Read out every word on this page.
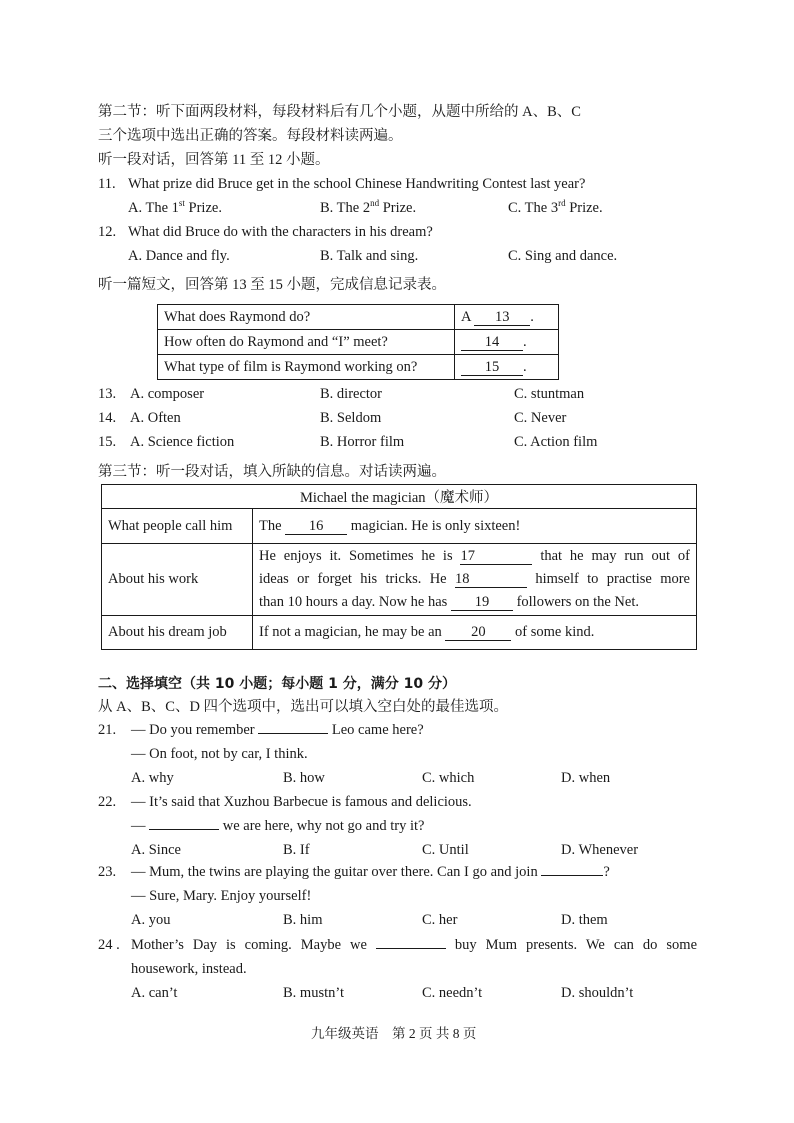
第二节：听下面两段材料，每段材料后有几个小题，从题中所给的 A、B、C
三个选项中选出正确的答案。每段材料读两遍。
听一段对话，回答第 11 至 12 小题。
11. What prize did Bruce get in the school Chinese Handwriting Contest last year?
A. The 1st Prize.	B. The 2nd Prize.	C. The 3rd Prize.
12. What did Bruce do with the characters in his dream?
A. Dance and fly.	B. Talk and sing.	C. Sing and dance.
听一篇短文，回答第 13 至 15 小题，完成信息记录表。
What does Raymond do?	A 13 .
How often do Raymond and “I” meet?	14 .
What type of film is Raymond working on?	15 .
13. A. composer	B. director	C. stuntman
14. A. Often	B. Seldom	C. Never
15. A. Science fiction	B. Horror film	C. Action film
第三节：听一段对话，填入所缺的信息。对话读两遍。
Michael the magician（魔术师）	
What people call him	The 16 magician. He is only sixteen!
About his work	He enjoys it. Sometimes he is 17 that he may run out of
ideas or forget his tricks. He 18 himself to practise more
than 10 hours a day. Now he has 19 followers on the Net.

About his dream job	If not a magician, he may be an 20 of some kind.
二、选择填空（共 10 小题；每小题 1 分，满分 10 分）
从 A、B、C、D 四个选项中，选出可以填入空白处的最佳选项。
21. — Do you remember	Leo came here?
— On foot, not by car, I think.
A. why	B. how	C. which	D. when
22. — It’s said that Xuzhou Barbecue is famous and delicious.
—	we are here, why not go and try it?
A. Since	B. If	C. Until	D. Whenever
23. — Mum, the twins are playing the guitar over there. Can I go and join	?
— Sure, Mary. Enjoy yourself!
A. you	B. him	C. her	D. them
24 . Mother’s Day is coming. Maybe we	buy Mum presents. We can do some
housework, instead.
A. can’t	B. mustn’t	C. needn’t	D. shouldn’t
九年级英语　第 2 页 共 8 页
